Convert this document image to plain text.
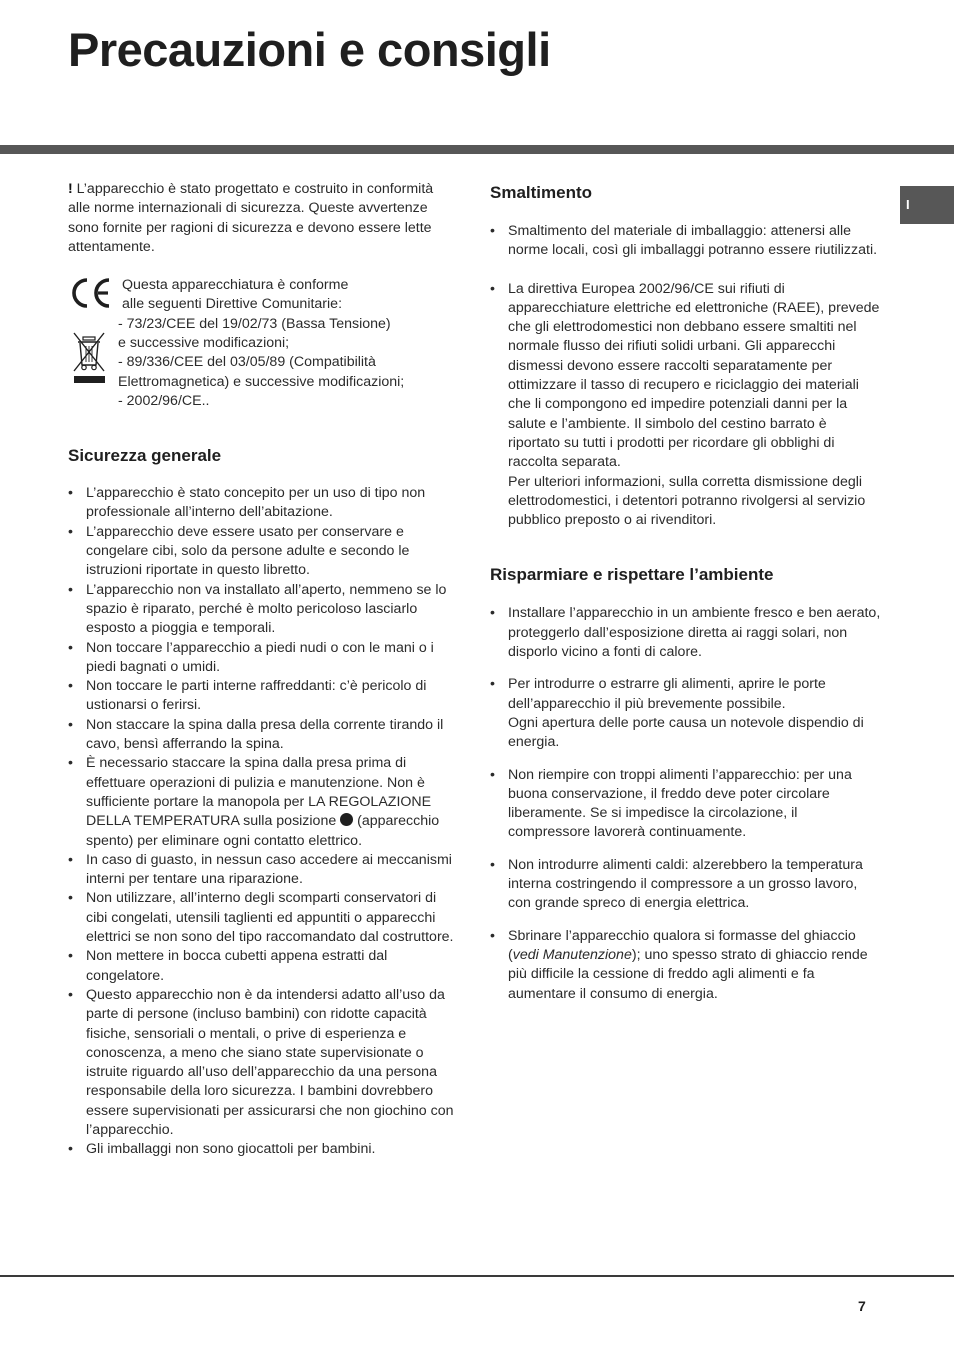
Precauzioni e consigli
I

! L’apparecchio è stato progettato e costruito in conformità alle norme internazionali di sicurezza. Queste avvertenze sono fornite per ragioni di sicurezza e devono essere lette attentamente.

Questa apparecchiatura è conforme
alle seguenti Direttive Comunitarie:
- 73/23/CEE del 19/02/73 (Bassa Tensione)
e successive modificazioni;
- 89/336/CEE del 03/05/89 (Compatibilità
Elettromagnetica) e successive modificazioni;
- 2002/96/CE..

Sicurezza generale
• L’apparecchio è stato concepito per un uso di tipo non professionale all’interno dell’abitazione.
• L’apparecchio deve essere usato per conservare e congelare cibi, solo da persone adulte e secondo le istruzioni riportate in questo libretto.
• L’apparecchio non va installato all’aperto, nemmeno se lo spazio è riparato, perché è molto pericoloso lasciarlo esposto a pioggia e temporali.
• Non toccare l’apparecchio a piedi nudi o con le mani o i piedi bagnati o umidi.
• Non toccare le parti interne raffreddanti: c’è pericolo di ustionarsi o ferirsi.
• Non staccare la spina dalla presa della corrente tirando il cavo, bensì afferrando la spina.
• È necessario staccare la spina dalla presa prima di effettuare operazioni di pulizia e manutenzione. Non è sufficiente portare la manopola per LA REGOLAZIONE DELLA TEMPERATURA sulla posizione  (apparecchio spento) per eliminare ogni contatto elettrico.
• In caso di guasto, in nessun caso accedere ai meccanismi interni per tentare una riparazione.
• Non utilizzare, all’interno degli scomparti conservatori di cibi congelati, utensili taglienti ed appuntiti o apparecchi elettrici se non sono del tipo raccomandato dal costruttore.
• Non mettere in bocca cubetti appena estratti dal congelatore.
• Questo apparecchio non è da intendersi adatto all’uso da parte di persone (incluso bambini) con ridotte capacità fisiche, sensoriali o mentali, o prive di esperienza e conoscenza, a meno che siano state supervisionate o istruite riguardo all’uso dell’apparecchio da una persona responsabile della loro sicurezza. I bambini dovrebbero essere supervisionati per assicurarsi che non giochino con l’apparecchio.
• Gli imballaggi non sono giocattoli per bambini.
Smaltimento
• Smaltimento del materiale di imballaggio: attenersi alle norme locali, così gli imballaggi potranno essere riutilizzati.
• La direttiva Europea 2002/96/CE sui rifiuti di apparecchiature elettriche ed elettroniche (RAEE), prevede che gli elettrodomestici non debbano essere smaltiti nel normale flusso dei rifiuti solidi urbani. Gli apparecchi dismessi devono essere raccolti separatamente per ottimizzare il tasso di recupero e riciclaggio dei materiali che li compongono ed impedire potenziali danni per la salute e l’ambiente. Il simbolo del cestino barrato è riportato su tutti i prodotti per ricordare gli obblighi di raccolta separata.
Per ulteriori informazioni, sulla corretta dismissione degli elettrodomestici, i detentori potranno rivolgersi al servizio pubblico preposto o ai rivenditori.
Risparmiare e rispettare l’ambiente
• Installare l’apparecchio in un ambiente fresco e ben aerato, proteggerlo dall’esposizione diretta ai raggi solari, non disporlo vicino a fonti di calore.
• Per introdurre o estrarre gli alimenti, aprire le porte dell’apparecchio il più brevemente possibile.
Ogni apertura delle porte causa un notevole dispendio di energia.
• Non riempire con troppi alimenti l’apparecchio: per una buona conservazione, il freddo deve poter circolare liberamente. Se si impedisce la circolazione, il compressore lavorerà continuamente.
• Non introdurre alimenti caldi: alzerebbero la temperatura interna costringendo il compressore a un grosso lavoro, con grande spreco di energia elettrica.
• Sbrinare l’apparecchio qualora si formasse del ghiaccio (vedi Manutenzione); uno spesso strato di ghiaccio rende più difficile la cessione di freddo agli alimenti e fa aumentare il consumo di energia.
7
